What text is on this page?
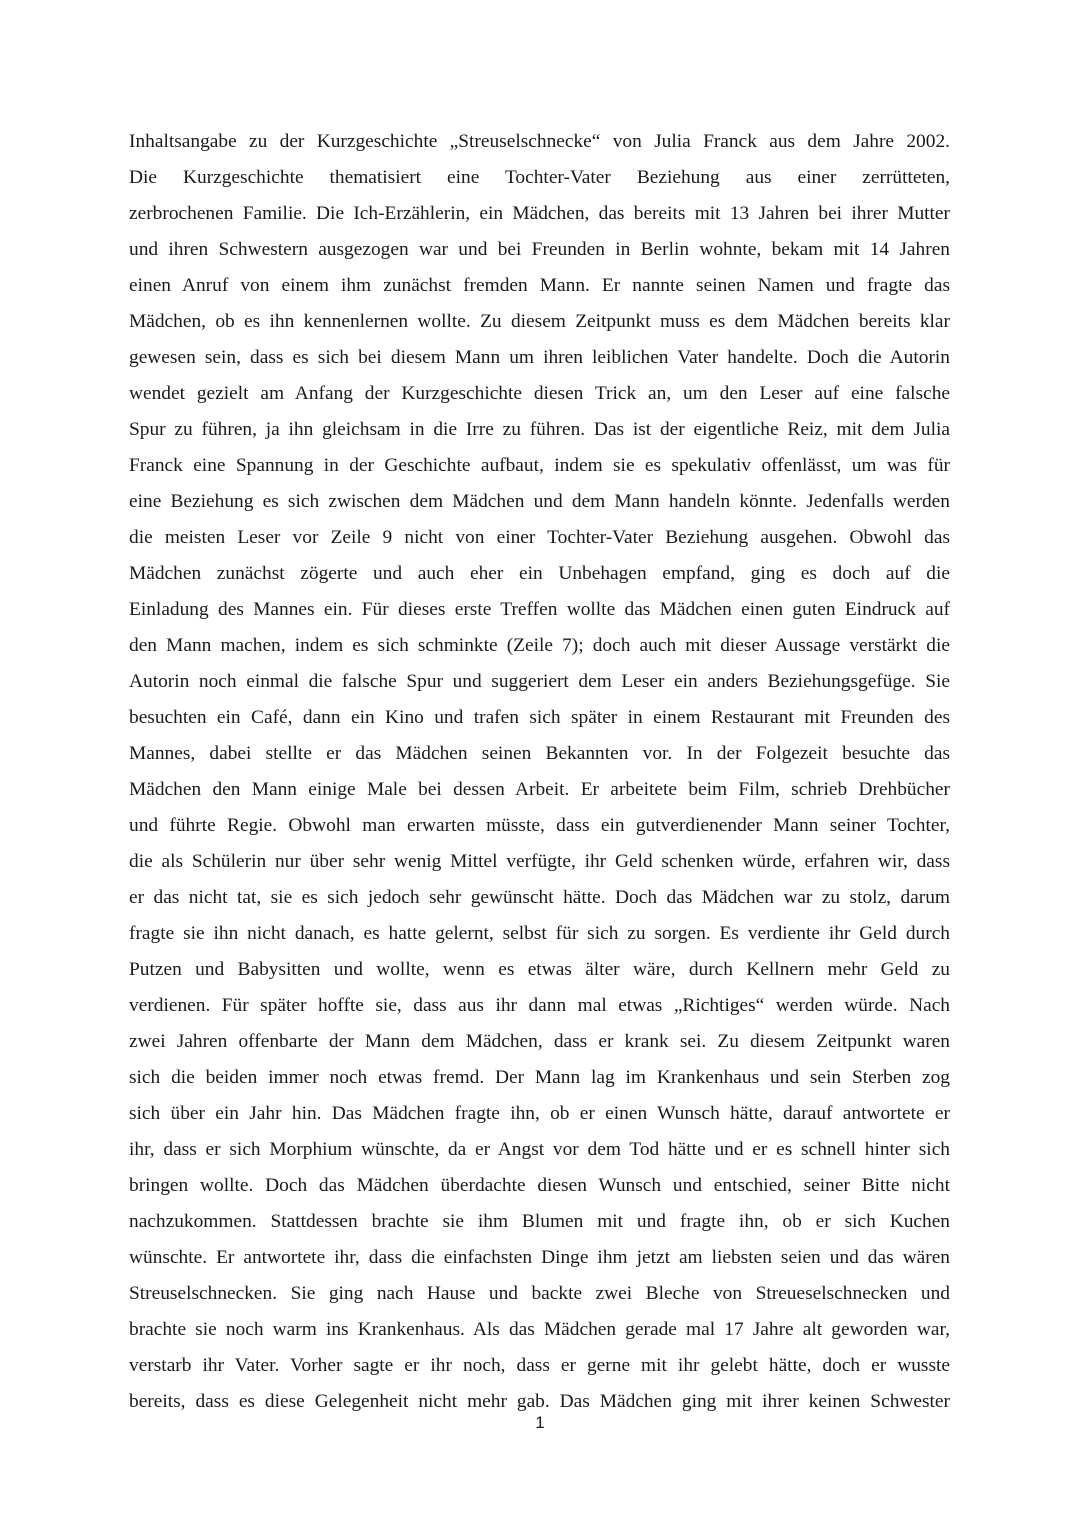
Inhaltsangabe zu der Kurzgeschichte „Streuselschnecke“ von Julia Franck aus dem Jahre 2002.
Die Kurzgeschichte thematisiert eine Tochter-Vater Beziehung aus einer zerrütteten,
zerbrochenen Familie. Die Ich-Erzählerin, ein Mädchen, das bereits mit 13 Jahren bei ihrer Mutter
und ihren Schwestern ausgezogen war und bei Freunden in Berlin wohnte, bekam mit 14 Jahren
einen Anruf von einem ihm zunächst fremden Mann. Er nannte seinen Namen und fragte das
Mädchen, ob es ihn kennenlernen wollte. Zu diesem Zeitpunkt muss es dem Mädchen bereits klar
gewesen sein, dass es sich bei diesem Mann um ihren leiblichen Vater handelte. Doch die Autorin
wendet gezielt am Anfang der Kurzgeschichte diesen Trick an, um den Leser auf eine falsche
Spur zu führen, ja ihn gleichsam in die Irre zu führen. Das ist der eigentliche Reiz, mit dem Julia
Franck eine Spannung in der Geschichte aufbaut, indem sie es spekulativ offenlässt, um was für
eine Beziehung es sich zwischen dem Mädchen und dem Mann handeln könnte. Jedenfalls werden
die meisten Leser vor Zeile 9 nicht von einer Tochter-Vater Beziehung ausgehen. Obwohl das
Mädchen zunächst zögerte und auch eher ein Unbehagen empfand, ging es doch auf die
Einladung des Mannes ein. Für dieses erste Treffen wollte das Mädchen einen guten Eindruck auf
den Mann machen, indem es sich schminkte (Zeile 7); doch auch mit dieser Aussage verstärkt die
Autorin noch einmal die falsche Spur und suggeriert dem Leser ein anders Beziehungsgefüge. Sie
besuchten ein Café, dann ein Kino und trafen sich später in einem Restaurant mit Freunden des
Mannes, dabei stellte er das Mädchen seinen Bekannten vor. In der Folgezeit besuchte das
Mädchen den Mann einige Male bei dessen Arbeit. Er arbeitete beim Film, schrieb Drehbücher
und führte Regie. Obwohl man erwarten müsste, dass ein gutverdienender Mann seiner Tochter,
die als Schülerin nur über sehr wenig Mittel verfügte, ihr Geld schenken würde, erfahren wir, dass
er das nicht tat, sie es sich jedoch sehr gewünscht hätte. Doch das Mädchen war zu stolz, darum
fragte sie ihn nicht danach, es hatte gelernt, selbst für sich zu sorgen. Es verdiente ihr Geld durch
Putzen und Babysitten und wollte, wenn es etwas älter wäre, durch Kellnern mehr Geld zu
verdienen. Für später hoffte sie, dass aus ihr dann mal etwas „Richtiges“ werden würde. Nach
zwei Jahren offenbarte der Mann dem Mädchen, dass er krank sei. Zu diesem Zeitpunkt waren
sich die beiden immer noch etwas fremd. Der Mann lag im Krankenhaus und sein Sterben zog
sich über ein Jahr hin. Das Mädchen fragte ihn, ob er einen Wunsch hätte, darauf antwortete er
ihr, dass er sich Morphium wünschte, da er Angst vor dem Tod hätte und er es schnell hinter sich
bringen wollte. Doch das Mädchen überdachte diesen Wunsch und entschied, seiner Bitte nicht
nachzukommen. Stattdessen brachte sie ihm Blumen mit und fragte ihn, ob er sich Kuchen
wünschte. Er antwortete ihr, dass die einfachsten Dinge ihm jetzt am liebsten seien und das wären
Streuselschnecken. Sie ging nach Hause und backte zwei Bleche von Streueselschnecken und
brachte sie noch warm ins Krankenhaus. Als das Mädchen gerade mal 17 Jahre alt geworden war,
verstarb ihr Vater. Vorher sagte er ihr noch, dass er gerne mit ihr gelebt hätte, doch er wusste
bereits, dass es diese Gelegenheit nicht mehr gab. Das Mädchen ging mit ihrer keinen Schwester
1
